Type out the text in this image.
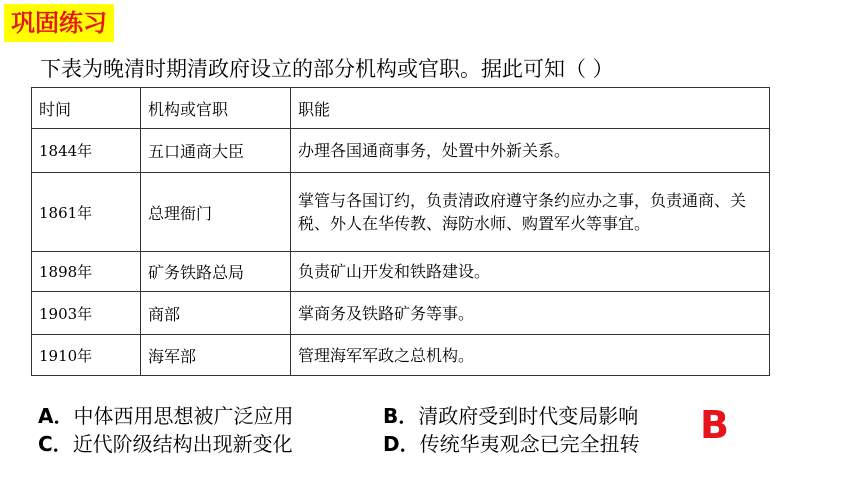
巩固练习
下表为晚清时期清政府设立的部分机构或官职。据此可知（ ）
时间	机构或官职	职能
1844年	五口通商大臣	办理各国通商事务，处置中外新关系。
1861年	总理衙门	掌管与各国订约，负责清政府遵守条约应办之事，负责通商、关税、外人在华传教、海防水师、购置军火等事宜。
1898年	矿务铁路总局	负责矿山开发和铁路建设。
1903年	商部	掌商务及铁路矿务等事。
1910年	海军部	管理海军军政之总机构。
A．中体西用思想被广泛应用	B．清政府受到时代变局影响
C．近代阶级结构出现新变化	D．传统华夷观念已完全扭转 B
